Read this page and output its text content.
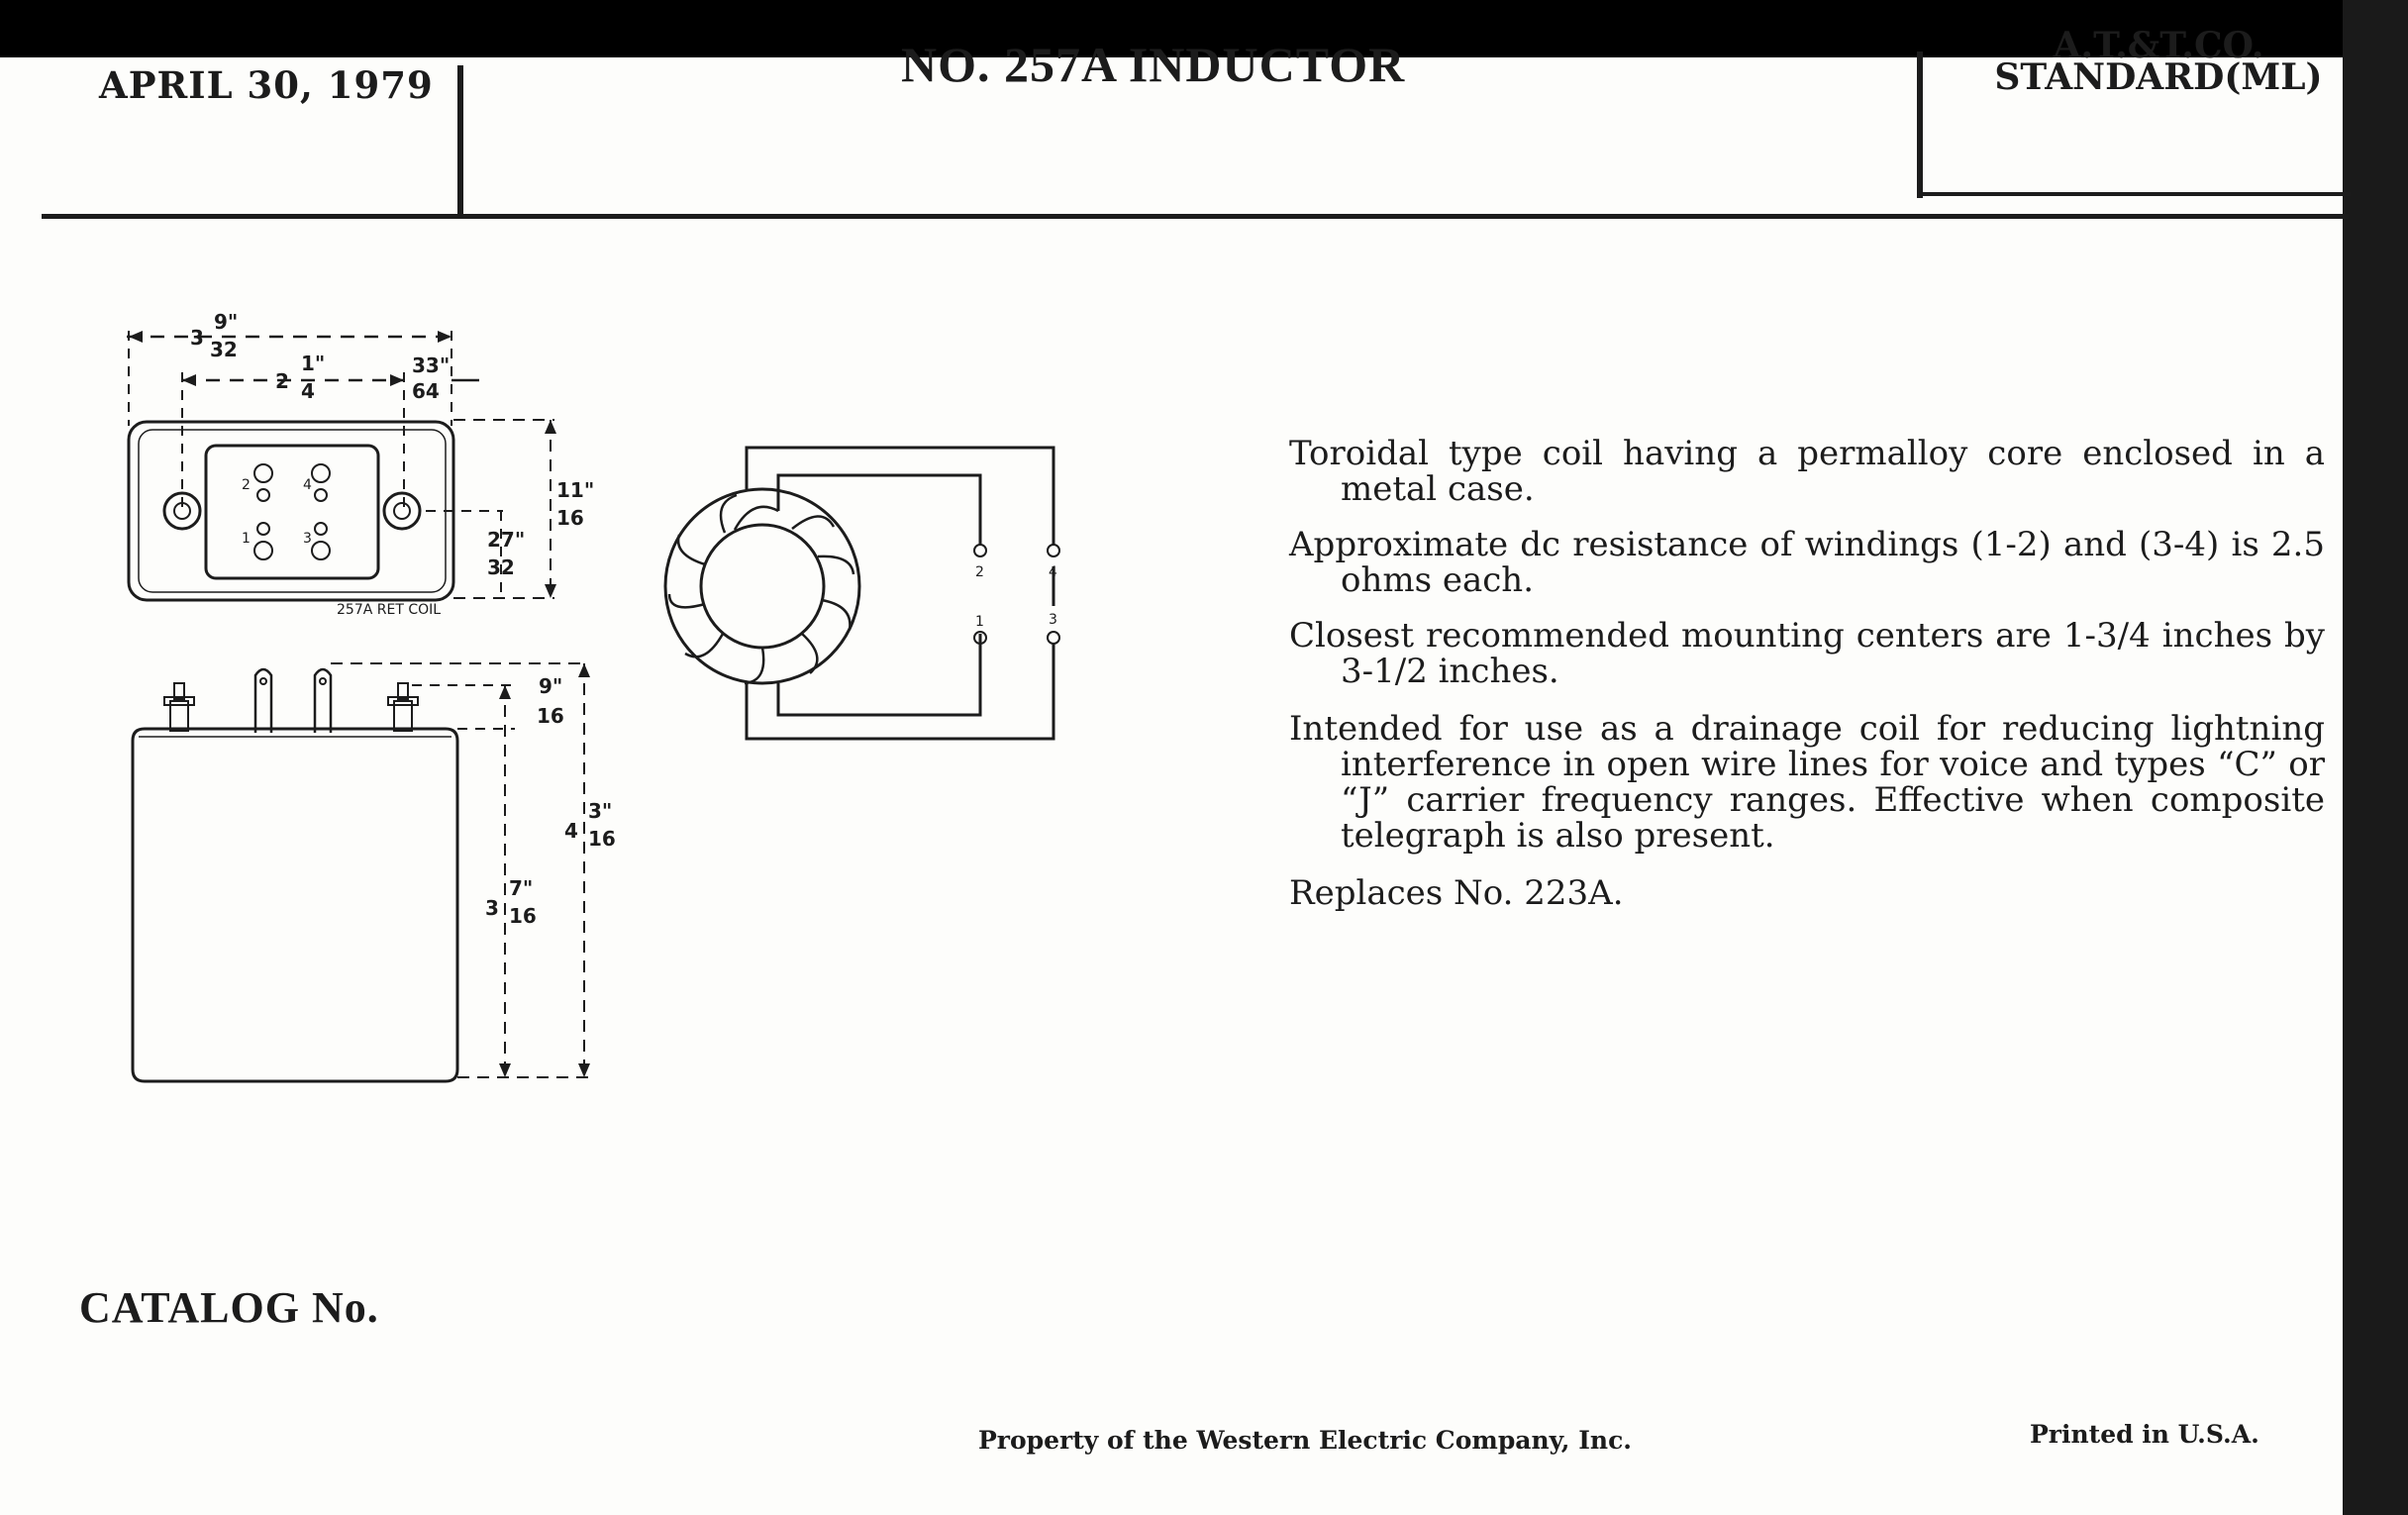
APRIL 30, 1979	NO. 257A INDUCTOR	A.T.&T.CO.
STANDARD(ML)
3
9"
32
2
1"
4
33"
64
11"
16
27"
32
257A RET COIL
2	4
1	3
9"
16
4
3"
16
3
7"
16
2	4
1	3

Toroidal type coil having a permalloy core enclosed in a metal case.

Approximate dc resistance of windings (1-2) and (3-4) is 2.5 ohms each.

Closest recommended mounting centers are 1-3/4 inches by 3-1/2 inches.

Intended for use as a drainage coil for reducing lightning interference in open wire lines for voice and types “C” or “J” carrier frequency ranges. Effective when composite telegraph is also present.

Replaces No. 223A.

CATALOG No.
Property of the Western Electric Company, Inc.	Printed in U.S.A.
